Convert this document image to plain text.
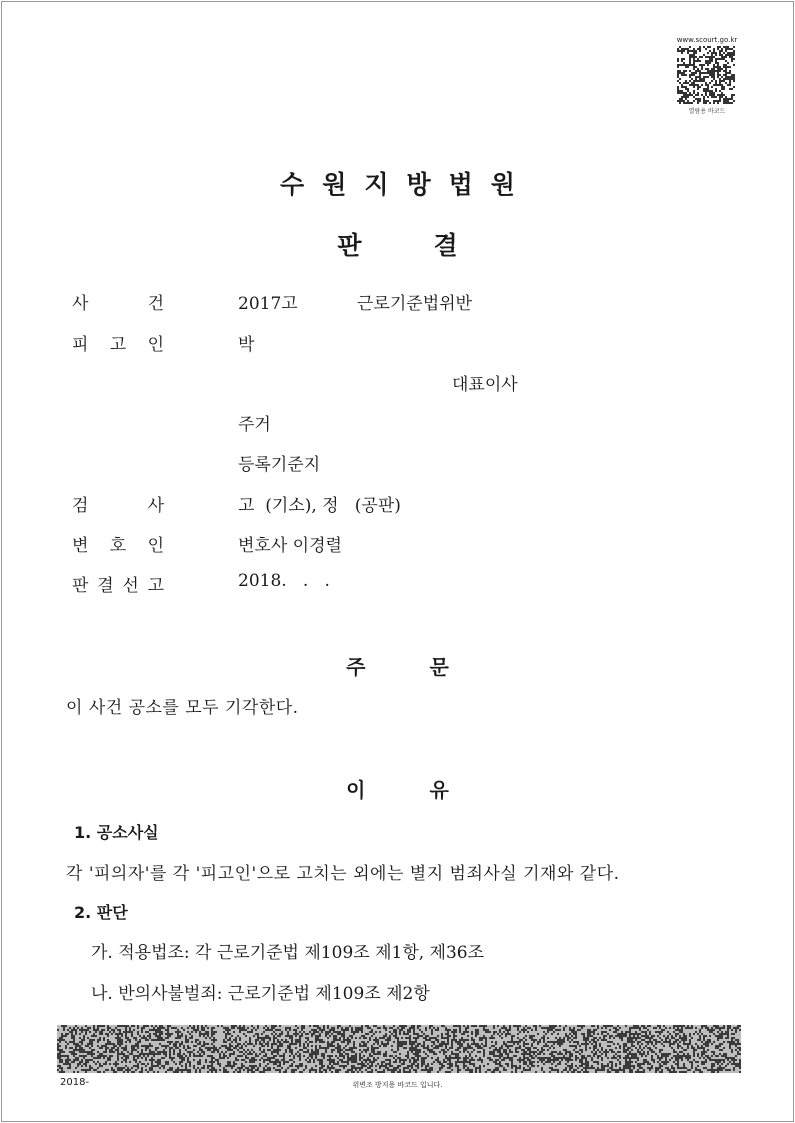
www.scourt.go.kr
열람용 바코드
수원지방법원
판결
사	건	2017고	근로기준법위반
피 고 인	박
대표이사
주거
등록기준지
검	사	고  (기소), 정   (공판)
변 호 인	변호사 이경렬
판 결 선 고	2018.   .   .
주문
이 사건 공소를 모두 기각한다.
이유
1. 공소사실
각 '피의자'를 각 '피고인'으로 고치는 외에는 별지 범죄사실 기재와 같다.
2. 판단
가. 적용법조: 각 근로기준법 제109조 제1항, 제36조
나. 반의사불벌죄: 근로기준법 제109조 제2항
2018-	위변조 방지용 바코드 입니다.
